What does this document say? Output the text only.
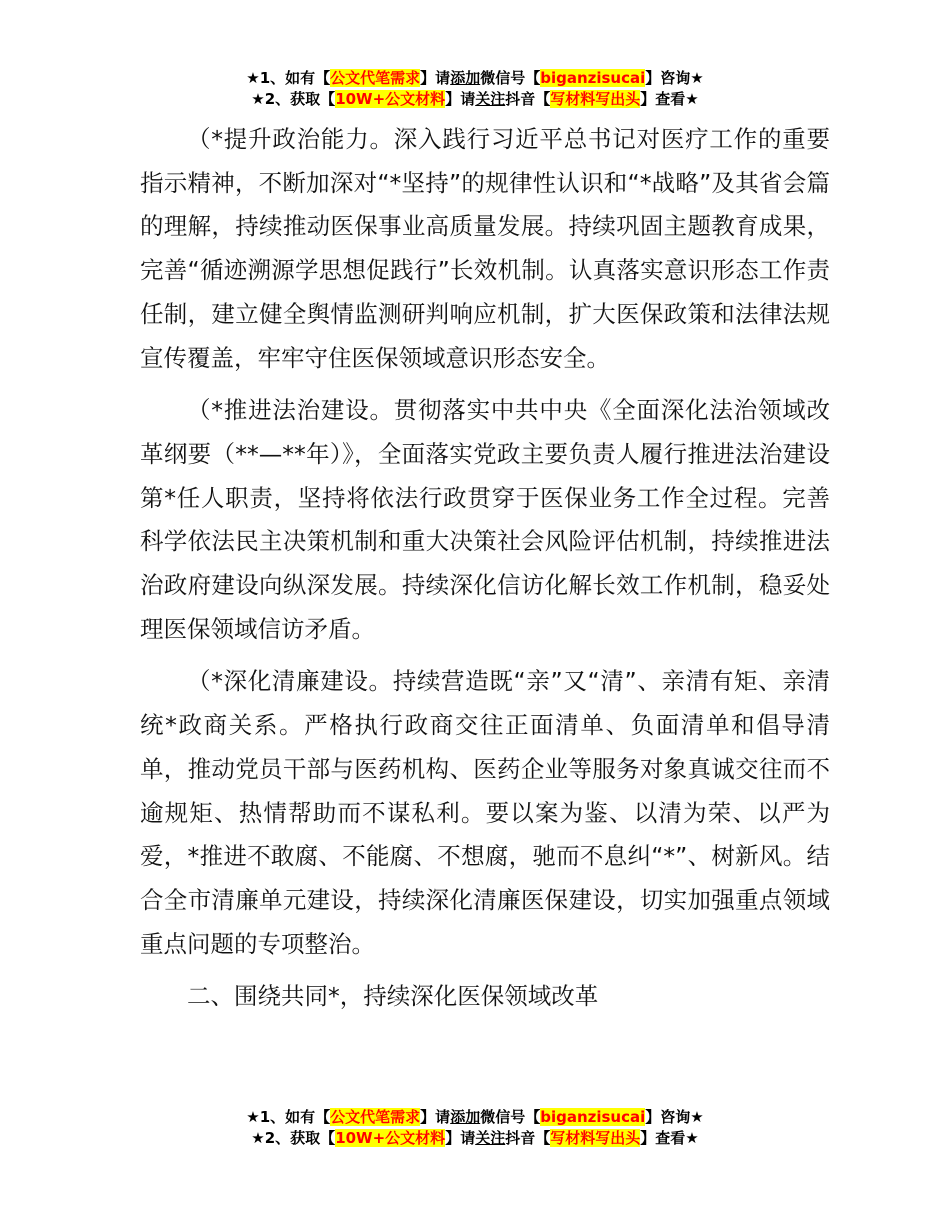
★1、如有【公文代笔需求】请添加微信号【biganzisucai】咨询★
★2、获取【10W+公文材料】请关注抖音【写材料写出头】查看★

（*提升政治能力。深入践行习近平总书记对医疗工作的重要指示精神，不断加深对“*坚持”的规律性认识和“*战略”及其省会篇的理解，持续推动医保事业高质量发展。持续巩固主题教育成果，完善“循迹溯源学思想促践行”长效机制。认真落实意识形态工作责任制，建立健全舆情监测研判响应机制，扩大医保政策和法律法规宣传覆盖，牢牢守住医保领域意识形态安全。

（*推进法治建设。贯彻落实中共中央《全面深化法治领域改革纲要（**—**年）》，全面落实党政主要负责人履行推进法治建设第*任人职责，坚持将依法行政贯穿于医保业务工作全过程。完善科学依法民主决策机制和重大决策社会风险评估机制，持续推进法治政府建设向纵深发展。持续深化信访化解长效工作机制，稳妥处理医保领域信访矛盾。

（*深化清廉建设。持续营造既“亲”又“清”、亲清有矩、亲清统*政商关系。严格执行政商交往正面清单、负面清单和倡导清单，推动党员干部与医药机构、医药企业等服务对象真诚交往而不逾规矩、热情帮助而不谋私利。要以案为鉴、以清为荣、以严为爱，*推进不敢腐、不能腐、不想腐，驰而不息纠“*”、树新风。结合全市清廉单元建设，持续深化清廉医保建设，切实加强重点领域重点问题的专项整治。

二、围绕共同*，持续深化医保领域改革

★1、如有【公文代笔需求】请添加微信号【biganzisucai】咨询★
★2、获取【10W+公文材料】请关注抖音【写材料写出头】查看★
